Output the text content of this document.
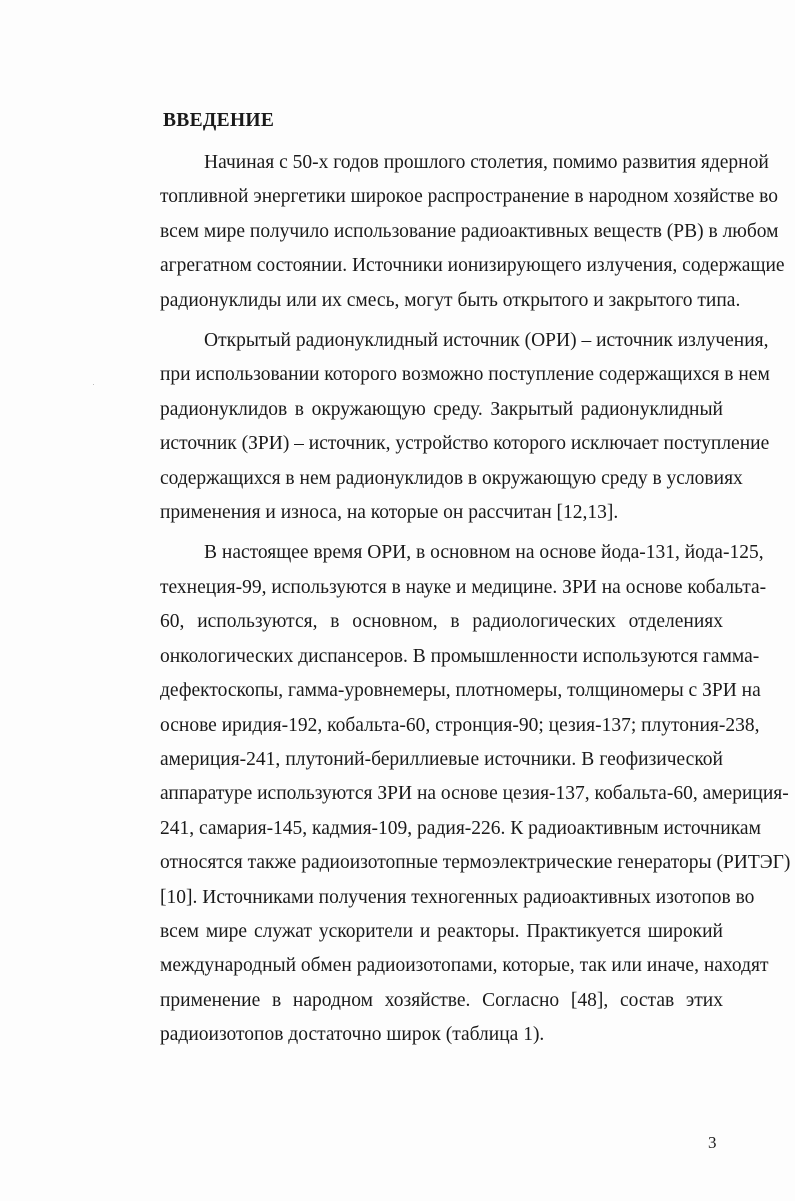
ВВЕДЕНИЕ
Начиная с 50-х годов прошлого столетия, помимо развития ядерной
топливной энергетики широкое распространение в народном хозяйстве во
всем мире получило использование радиоактивных веществ (РВ) в любом
агрегатном состоянии. Источники ионизирующего излучения, содержащие
радионуклиды или их смесь, могут быть открытого и закрытого типа.
Открытый радионуклидный источник (ОРИ) – источник излучения,
при использовании которого возможно поступление содержащихся в нем
радионуклидов в окружающую среду. Закрытый радионуклидный
источник (ЗРИ) – источник, устройство которого исключает поступление
содержащихся в нем радионуклидов в окружающую среду в условиях
применения и износа, на которые он рассчитан [12,13].
В настоящее время ОРИ, в основном на основе йода-131, йода-125,
технеция-99, используются в науке и медицине. ЗРИ на основе кобальта-
60, используются, в основном, в радиологических отделениях
онкологических диспансеров. В промышленности используются гамма-
дефектоскопы, гамма-уровнемеры, плотномеры, толщиномеры с ЗРИ на
основе иридия-192, кобальта-60, стронция-90; цезия-137; плутония-238,
америция-241, плутоний-бериллиевые источники. В геофизической
аппаратуре используются ЗРИ на основе цезия-137, кобальта-60, америция-
241, самария-145, кадмия-109, радия-226. К радиоактивным источникам
относятся также радиоизотопные термоэлектрические генераторы (РИТЭГ)
[10]. Источниками получения техногенных радиоактивных изотопов во
всем мире служат ускорители и реакторы. Практикуется широкий
международный обмен радиоизотопами, которые, так или иначе, находят
применение в народном хозяйстве. Согласно [48], состав этих
радиоизотопов достаточно широк (таблица 1).
3
